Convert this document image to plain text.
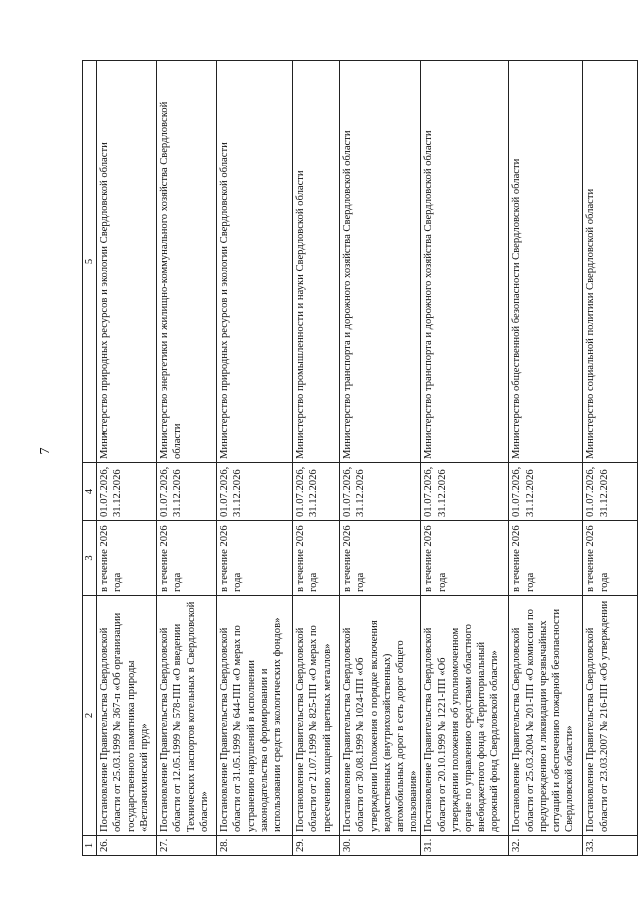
7
1	2	3	4	5
26.	Постановление Правительства Свердловской области от 25.03.1999 № 367-п «Об организации государственного памятника природы «Ветлачихинский пруд»	в течение 2026 года	01.07.2026, 31.12.2026	Министерство природных ресурсов и экологии Свердловской области
27.	Постановление Правительства Свердловской области от 12.05.1999 № 578-ПП «О введении Технических паспортов котельных в Свердловской области»	в течение 2026 года	01.07.2026, 31.12.2026	Министерство энергетики и жилищно-коммунального хозяйства Свердловской области
28.	Постановление Правительства Свердловской области от 31.05.1999 № 644-ПП «О мерах по устранению нарушений в исполнении законодательства о формировании и использовании средств экологических фондов»	в течение 2026 года	01.07.2026, 31.12.2026	Министерство природных ресурсов и экологии Свердловской области
29.	Постановление Правительства Свердловской области от 21.07.1999 № 825-ПП «О мерах по пресечению хищений цветных металлов»	в течение 2026 года	01.07.2026, 31.12.2026	Министерство промышленности и науки Свердловской области
30.	Постановление Правительства Свердловской области от 30.08.1999 № 1024-ПП «Об утверждении Положения о порядке включения ведомственных (внутрихозяйственных) автомобильных дорог в сеть дорог общего пользования»	в течение 2026 года	01.07.2026, 31.12.2026	Министерство транспорта и дорожного хозяйства Свердловской области
31.	Постановление Правительства Свердловской области от 20.10.1999 № 1221-ПП «Об утверждении положения об уполномоченном органе по управлению средствами областного внебюджетного фонда «Территориальный дорожный фонд Свердловской области»	в течение 2026 года	01.07.2026, 31.12.2026	Министерство транспорта и дорожного хозяйства Свердловской области
32.	Постановление Правительства Свердловской области от 25.03.2004 № 201-ПП «О комиссии по предупреждению и ликвидации чрезвычайных ситуаций и обеспечению пожарной безопасности Свердловской области»	в течение 2026 года	01.07.2026, 31.12.2026	Министерство общественной безопасности Свердловской области
33.	Постановление Правительства Свердловской области от 23.03.2007 № 216-ПП «Об утверждении	в течение 2026 года	01.07.2026, 31.12.2026	Министерство социальной политики Свердловской области
